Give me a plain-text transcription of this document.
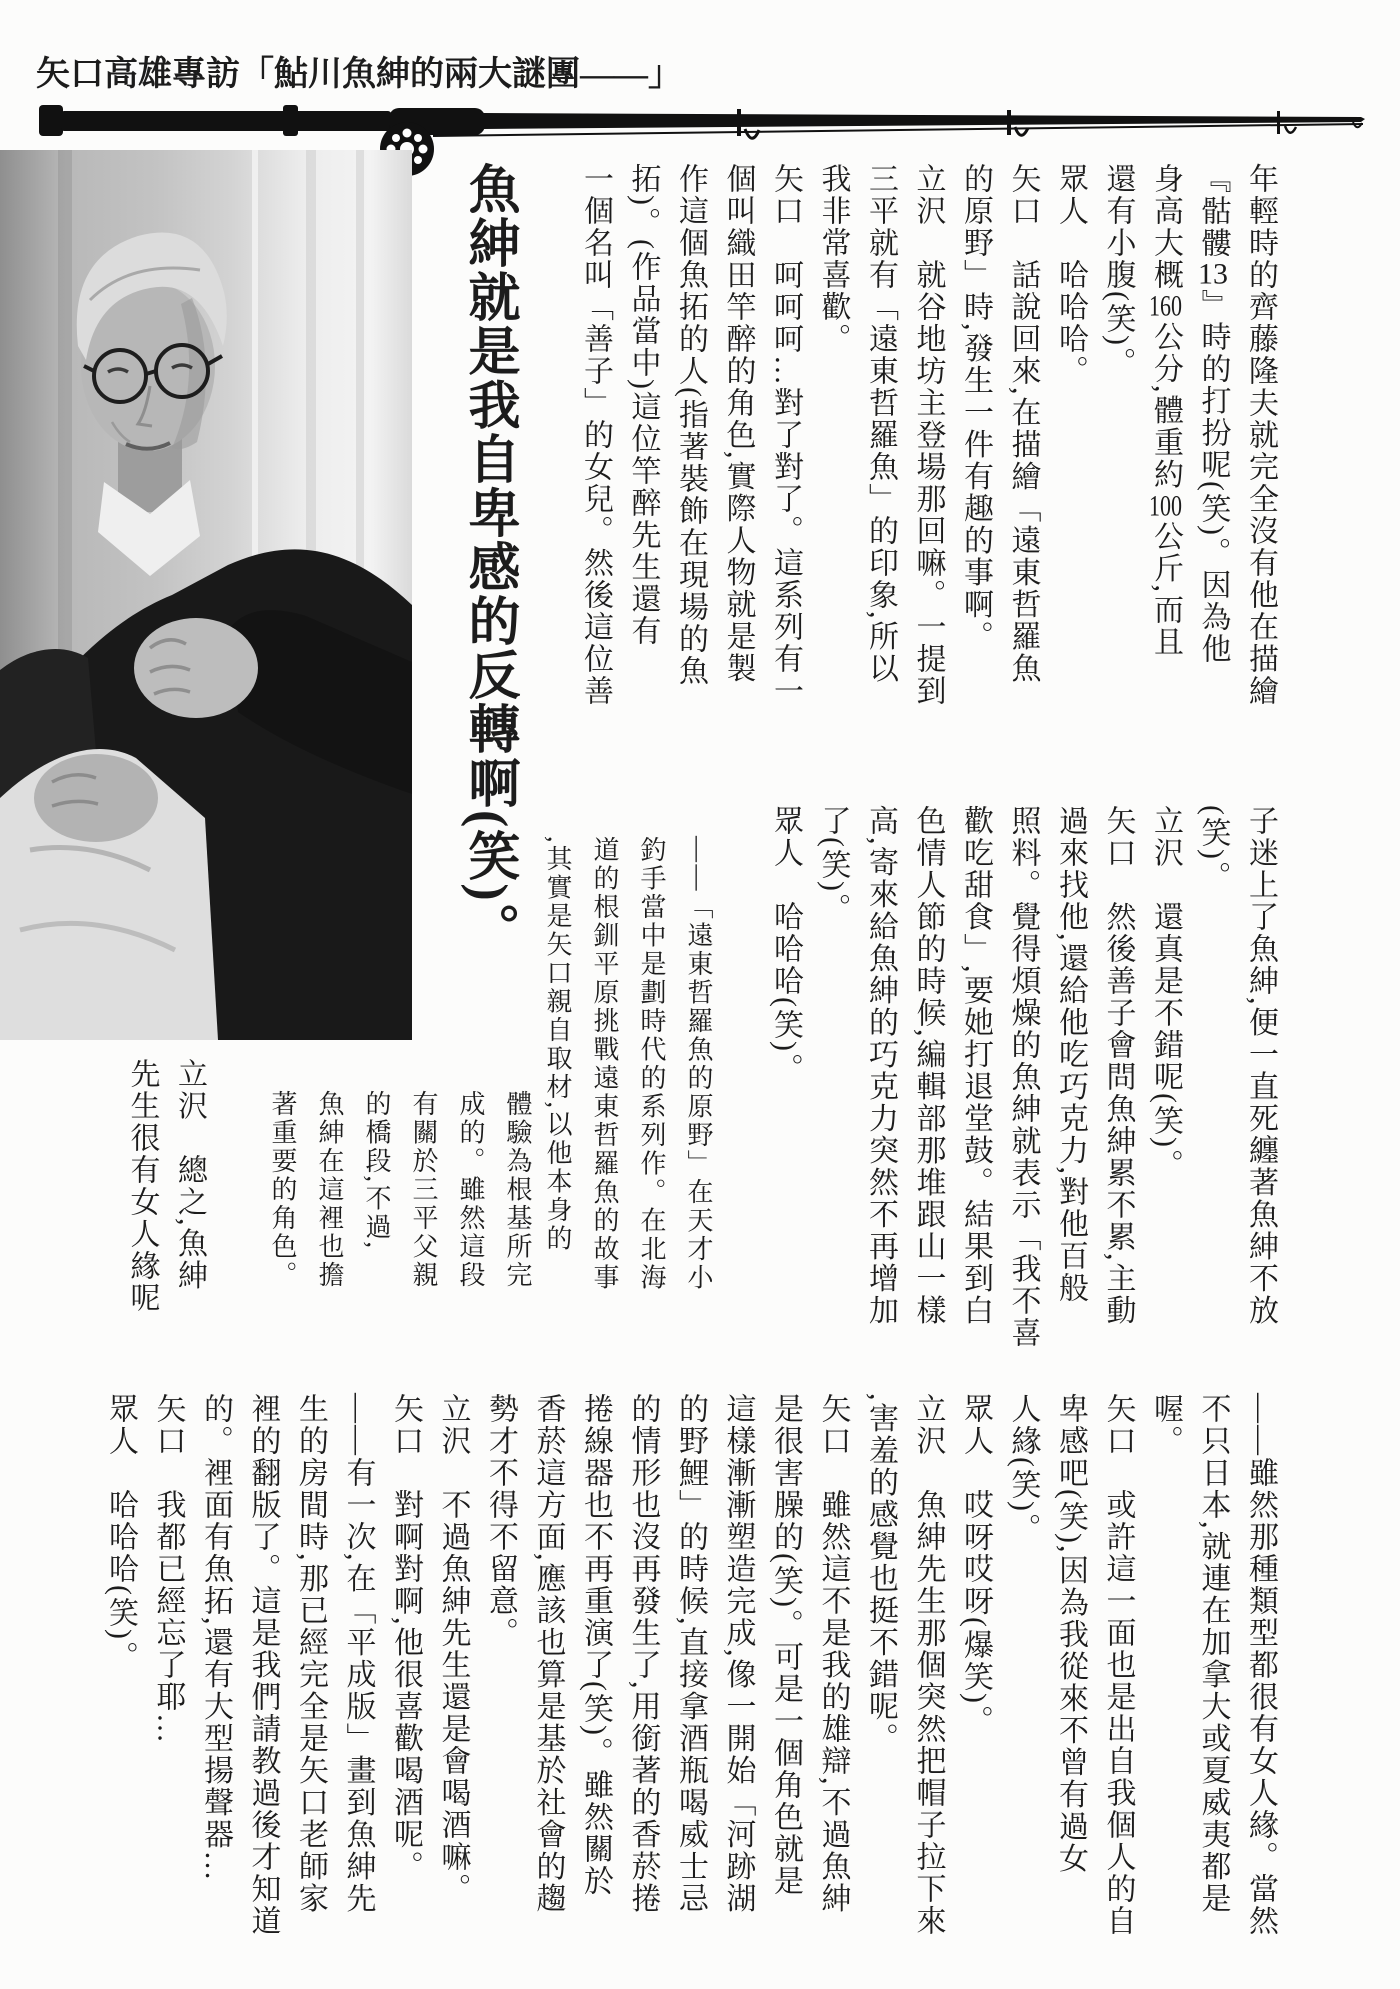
矢口高雄專訪「鮎川魚紳的兩大謎團——」

魚紳就是我自卑感的反轉啊(笑)。	年輕時的齊藤隆夫就完全沒有他在描繪

『骷髏13』時的打扮呢(笑)。因為他

身高大概160公分,體重約100公斤,而且

還有小腹(笑)。

眾人　哈哈哈。

矢口　話說回來,在描繪「遠東哲羅魚

的原野」時,發生一件有趣的事啊。

立沢　就谷地坊主登場那回嘛。一提到

三平就有「遠東哲羅魚」的印象,所以

我非常喜歡。

矢口　呵呵呵…對了對了。這系列有一

個叫織田竿醉的角色,實際人物就是製

作這個魚拓的人(指著裝飾在現場的魚

拓)。(作品當中)這位竿醉先生還有

一個名叫「善子」的女兒。然後這位善

子迷上了魚紳,便一直死纏著魚紳不放

(笑)。

立沢　還真是不錯呢(笑)。

矢口　然後善子會問魚紳累不累,主動

過來找他,還給他吃巧克力,對他百般

照料。覺得煩燥的魚紳就表示「我不喜

歡吃甜食」,要她打退堂鼓。結果到白

色情人節的時候,編輯部那堆跟山一樣

高,寄來給魚紳的巧克力突然不再增加

了(笑)。

眾人　哈哈哈(笑)。

——「遠東哲羅魚的原野」在天才小

釣手當中是劃時代的系列作。在北海

道的根釧平原挑戰遠東哲羅魚的故事

,其實是矢口親自取材,以他本身的

體驗為根基所完

成的。雖然這段

有關於三平父親

的橋段,不過,

魚紳在這裡也擔

著重要的角色。

立沢　總之,魚紳

先生很有女人緣呢

——雖然那種類型都很有女人緣。當然

不只日本,就連在加拿大或夏威夷都是

喔。

矢口　或許這一面也是出自我個人的自

卑感吧(笑),因為我從來不曾有過女

人緣(笑)。

眾人　哎呀哎呀(爆笑)。

立沢　魚紳先生那個突然把帽子拉下來

,害羞的感覺也挺不錯呢。

矢口　雖然這不是我的雄辯,不過魚紳

是很害臊的(笑)。可是一個角色就是

這樣漸漸塑造完成,像一開始「河跡湖

的野鯉」的時候,直接拿酒瓶喝威士忌

的情形也沒再發生了,用銜著的香菸捲

捲線器也不再重演了(笑)。雖然關於

香菸這方面,應該也算是基於社會的趨

勢才不得不留意。

立沢　不過魚紳先生還是會喝酒嘛。

矢口　對啊對啊,他很喜歡喝酒呢。

——有一次,在「平成版」畫到魚紳先

生的房間時,那已經完全是矢口老師家

裡的翻版了。這是我們請教過後才知道

的。裡面有魚拓,還有大型揚聲器…

矢口　我都已經忘了耶…

眾人　哈哈哈(笑)。
